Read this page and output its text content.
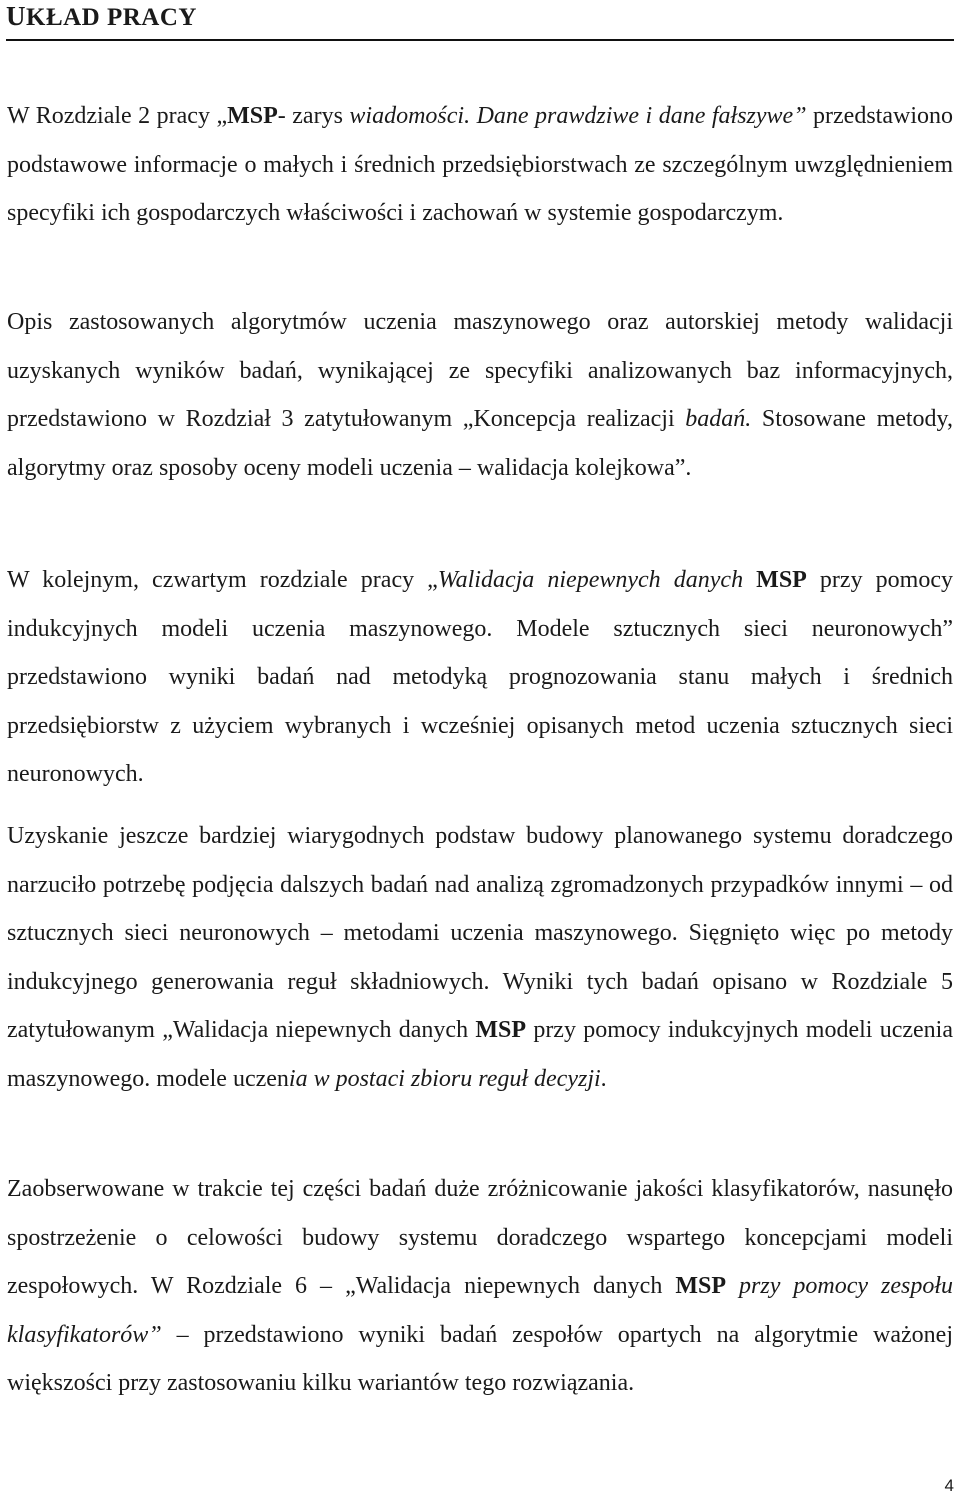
UKŁAD PRACY

W Rozdziale 2 pracy „MSP- zarys wiadomości. Dane prawdziwe i dane fałszywe” przedstawiono podstawowe informacje o małych i średnich przedsiębiorstwach ze szczególnym uwzględnieniem specyfiki ich gospodarczych właściwości i zachowań w systemie gospodarczym.

Opis zastosowanych algorytmów uczenia maszynowego oraz autorskiej metody walidacji uzyskanych wyników badań, wynikającej ze specyfiki analizowanych baz informacyjnych, przedstawiono w Rozdział 3 zatytułowanym „Koncepcja realizacji badań. Stosowane metody, algorytmy oraz sposoby oceny modeli uczenia – walidacja kolejkowa”.

W kolejnym, czwartym rozdziale pracy „Walidacja niepewnych danych MSP przy pomocy indukcyjnych modeli uczenia maszynowego. Modele sztucznych sieci neuronowych” przedstawiono wyniki badań nad metodyką prognozowania stanu małych i średnich przedsiębiorstw z użyciem wybranych i wcześniej opisanych metod uczenia sztucznych sieci neuronowych.

Uzyskanie jeszcze bardziej wiarygodnych podstaw budowy planowanego systemu doradczego narzuciło potrzebę podjęcia dalszych badań nad analizą zgromadzonych przypadków innymi – od sztucznych sieci neuronowych – metodami uczenia maszynowego. Sięgnięto więc po metody indukcyjnego generowania reguł składniowych. Wyniki tych badań opisano w Rozdziale 5 zatytułowanym „Walidacja niepewnych danych MSP przy pomocy indukcyjnych modeli uczenia maszynowego. modele uczenia w postaci zbioru reguł decyzji.

Zaobserwowane w trakcie tej części badań duże zróżnicowanie jakości klasyfikatorów, nasunęło spostrzeżenie o celowości budowy systemu doradczego wspartego koncepcjami modeli zespołowych. W Rozdziale 6 – „Walidacja niepewnych danych MSP przy pomocy zespołu klasyfikatorów” – przedstawiono wyniki badań zespołów opartych na algorytmie ważonej większości przy zastosowaniu kilku wariantów tego rozwiązania.

4
